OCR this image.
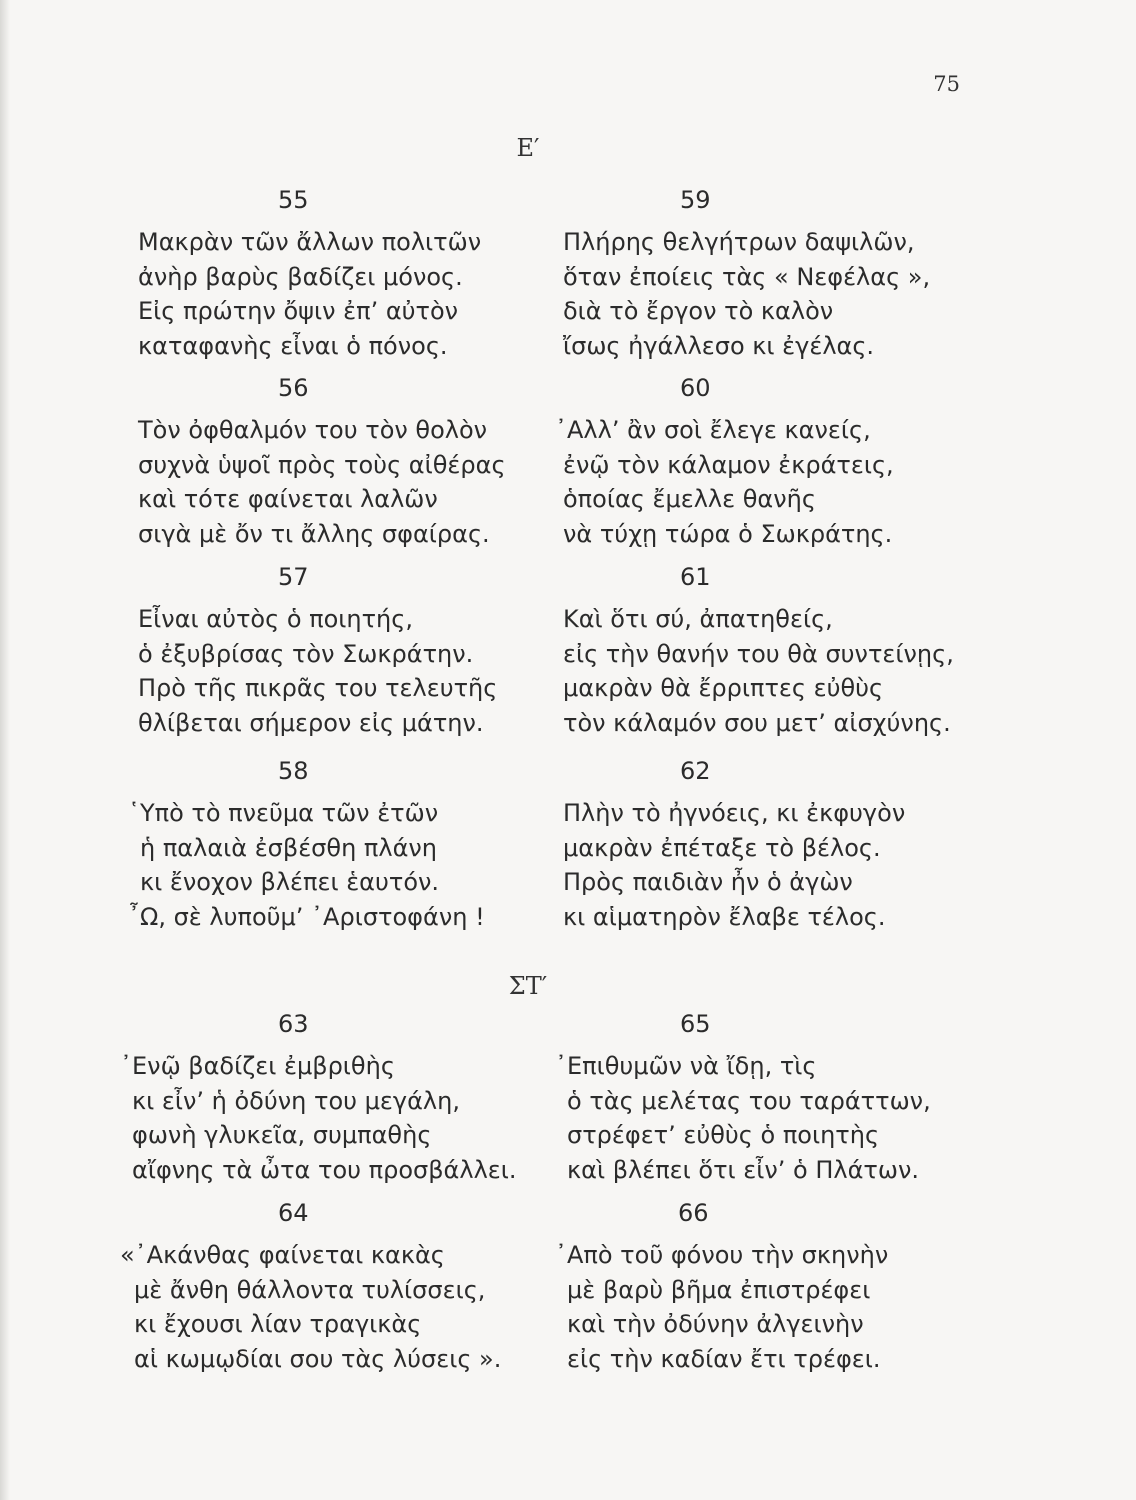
75
Ε′
55
Μακρὰν τῶν ἄλλων πολιτῶν
ἀνὴρ βαρὺς βαδίζει μόνος.
Εἰς πρώτην ὄψιν ἐπ’ αὐτὸν
καταφανὴς εἶναι ὁ πόνος.
59
Πλήρης θελγήτρων δαψιλῶν,
ὅταν ἐποίεις τὰς « Νεφέλας »,
διὰ τὸ ἔργον τὸ καλὸν
ἴσως ἠγάλλεσο κι ἐγέλας.
56
Τὸν ὀφθαλμόν του τὸν θολὸν
συχνὰ ὑψοῖ πρὸς τοὺς αἰθέρας
καὶ τότε φαίνεται λαλῶν
σιγὰ μὲ ὄν τι ἄλλης σφαίρας.
60
᾿Αλλ’ ἂν σοὶ ἔλεγε κανείς,
ἐνῷ τὸν κάλαμον ἐκράτεις,
ὁποίας ἔμελλε θανῆς
νὰ τύχῃ τώρα ὁ Σωκράτης.
57
Εἶναι αὐτὸς ὁ ποιητής,
ὁ ἐξυβρίσας τὸν Σωκράτην.
Πρὸ τῆς πικρᾶς του τελευτῆς
θλίβεται σήμερον εἰς μάτην.
61
Καὶ ὅτι σύ, ἀπατηθείς,
εἰς τὴν θανήν του θὰ συντείνῃς,
μακρὰν θὰ ἔρριπτες εὐθὺς
τὸν κάλαμόν σου μετ’ αἰσχύνης.
58
῾Υπὸ τὸ πνεῦμα τῶν ἐτῶν
ἡ παλαιὰ ἐσβέσθη πλάνη
κι ἔνοχον βλέπει ἑαυτόν.
῏Ω, σὲ λυποῦμ’ ᾿Αριστοφάνη !
62
Πλὴν τὸ ἠγνόεις, κι ἐκφυγὸν
μακρὰν ἐπέταξε τὸ βέλος.
Πρὸς παιδιὰν ἦν ὁ ἀγὼν
κι αἱματηρὸν ἔλαβε τέλος.
ΣΤ′
63
᾿Ενῷ βαδίζει ἐμβριθὴς
κι εἶν’ ἡ ὀδύνη του μεγάλη,
φωνὴ γλυκεῖα, συμπαθὴς
αἴφνης τὰ ὦτα του προσβάλλει.
65
᾿Επιθυμῶν νὰ ἴδῃ, τὶς
ὁ τὰς μελέτας του ταράττων,
στρέφετ’ εὐθὺς ὁ ποιητὴς
καὶ βλέπει ὅτι εἶν’ ὁ Πλάτων.
64
«᾿Ακάνθας φαίνεται κακὰς
μὲ ἄνθη θάλλοντα τυλίσσεις,
κι ἔχουσι λίαν τραγικὰς
αἱ κωμῳδίαι σου τὰς λύσεις ».
66
᾿Απὸ τοῦ φόνου τὴν σκηνὴν
μὲ βαρὺ βῆμα ἐπιστρέφει
καὶ τὴν ὀδύνην ἀλγεινὴν
εἰς τὴν καδίαν ἔτι τρέφει.
